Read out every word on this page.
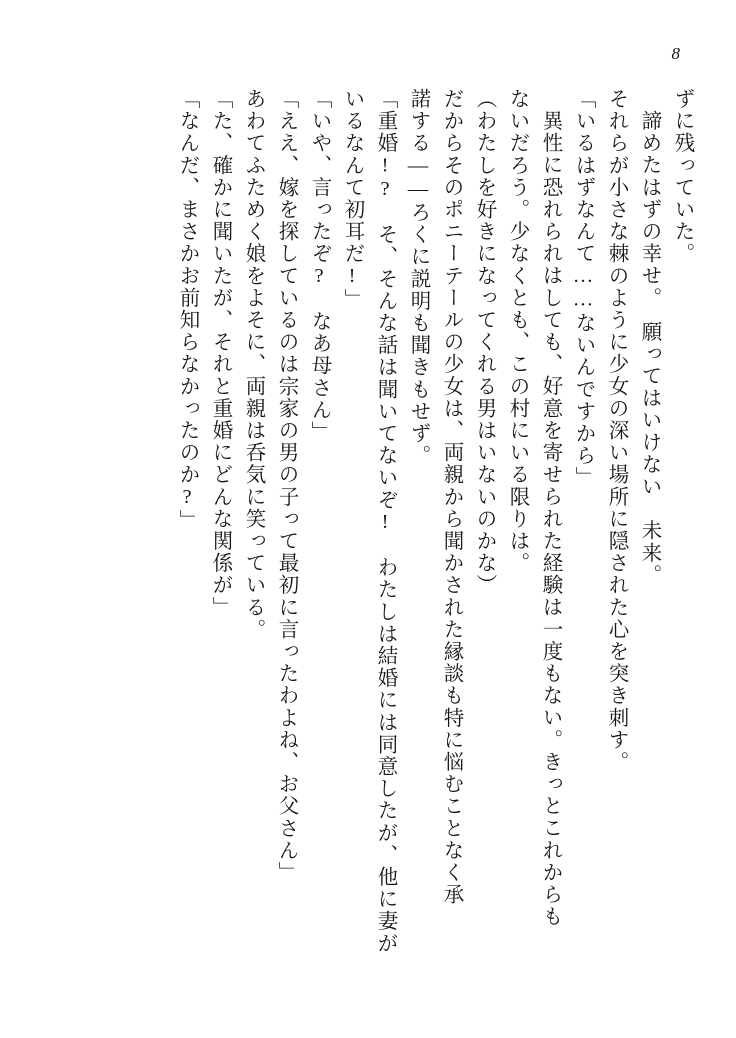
8
ずに残っていた。
諦めたはずの幸せ。　願ってはいけない　未来。
それらが小さな棘のように少女の深い場所に隠された心を突き刺す。
「いるはずなんて……ないんですから」
異性に恐れられはしても、好意を寄せられた経験は一度もない。きっとこれからも
ないだろう。少なくとも、この村にいる限りは。
（わたしを好きになってくれる男はいないのかな）
だからそのポニーテールの少女は、両親から聞かされた縁談も特に悩むことなく承
諾する——ろくに説明も聞きもせず。
「重婚!?　そ、そんな話は聞いてないぞ!　わたしは結婚には同意したが、他に妻が
いるなんて初耳だ!」
「いや、言ったぞ?　なあ母さん」
「ええ、嫁を探しているのは宗家の男の子って最初に言ったわよね、お父さん」
あわてふためく娘をよそに、両親は呑気に笑っている。
「た、確かに聞いたが、それと重婚にどんな関係が」
「なんだ、まさかお前知らなかったのか?」
